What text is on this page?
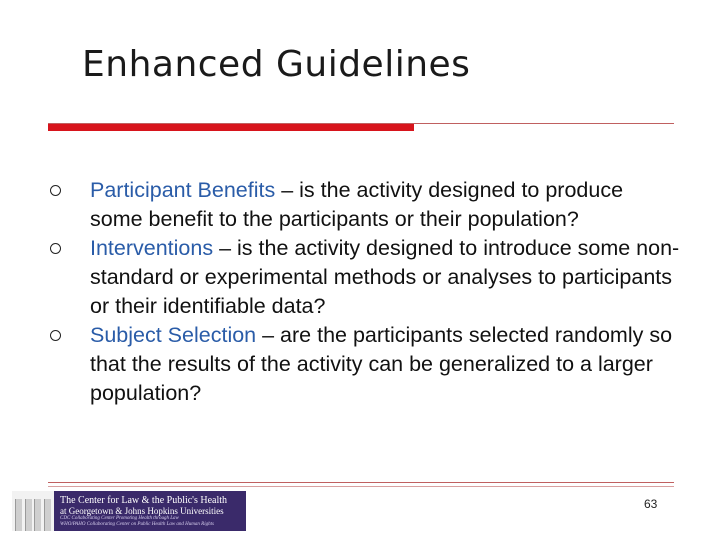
Enhanced Guidelines
Participant Benefits – is the activity designed to produce some benefit to the participants or their population?
Interventions – is the activity designed to introduce some non-standard or experimental methods or analyses to participants or their identifiable data?
Subject Selection – are the participants selected randomly so that the results of the activity can be generalized to a larger population?
The Center for Law & the Public's Health
at Georgetown & Johns Hopkins Universities
CDC Collaborating Center Promoting Health through Law
WHO/PAHO Collaborating Center on Public Health Law and Human Rights
63
